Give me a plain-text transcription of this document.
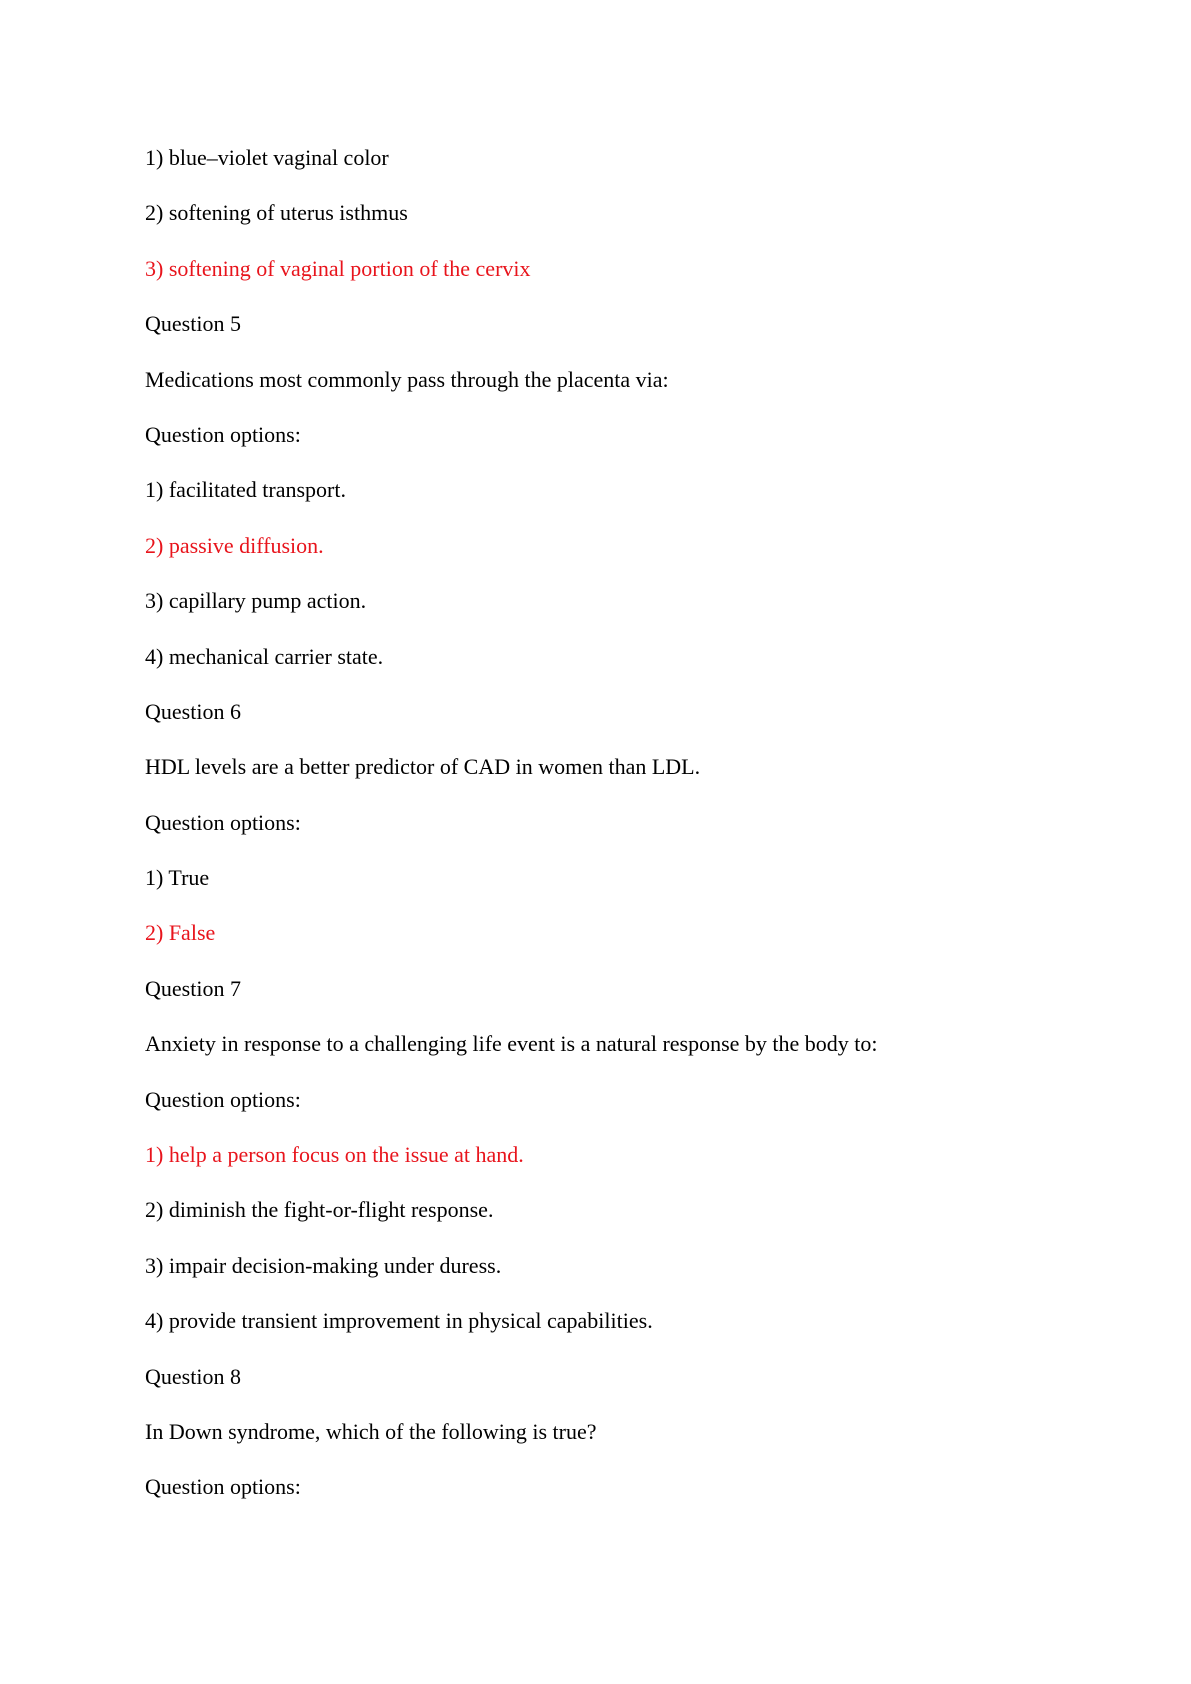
1) blue–violet vaginal color

2) softening of uterus isthmus

3) softening of vaginal portion of the cervix

Question 5

Medications most commonly pass through the placenta via:

Question options:

1) facilitated transport.

2) passive diffusion.

3) capillary pump action.

4) mechanical carrier state.

Question 6

HDL levels are a better predictor of CAD in women than LDL.

Question options:

1) True

2) False

Question 7

Anxiety in response to a challenging life event is a natural response by the body to:

Question options:

1) help a person focus on the issue at hand.

2) diminish the fight-or-flight response.

3) impair decision-making under duress.

4) provide transient improvement in physical capabilities.

Question 8

In Down syndrome, which of the following is true?

Question options:
